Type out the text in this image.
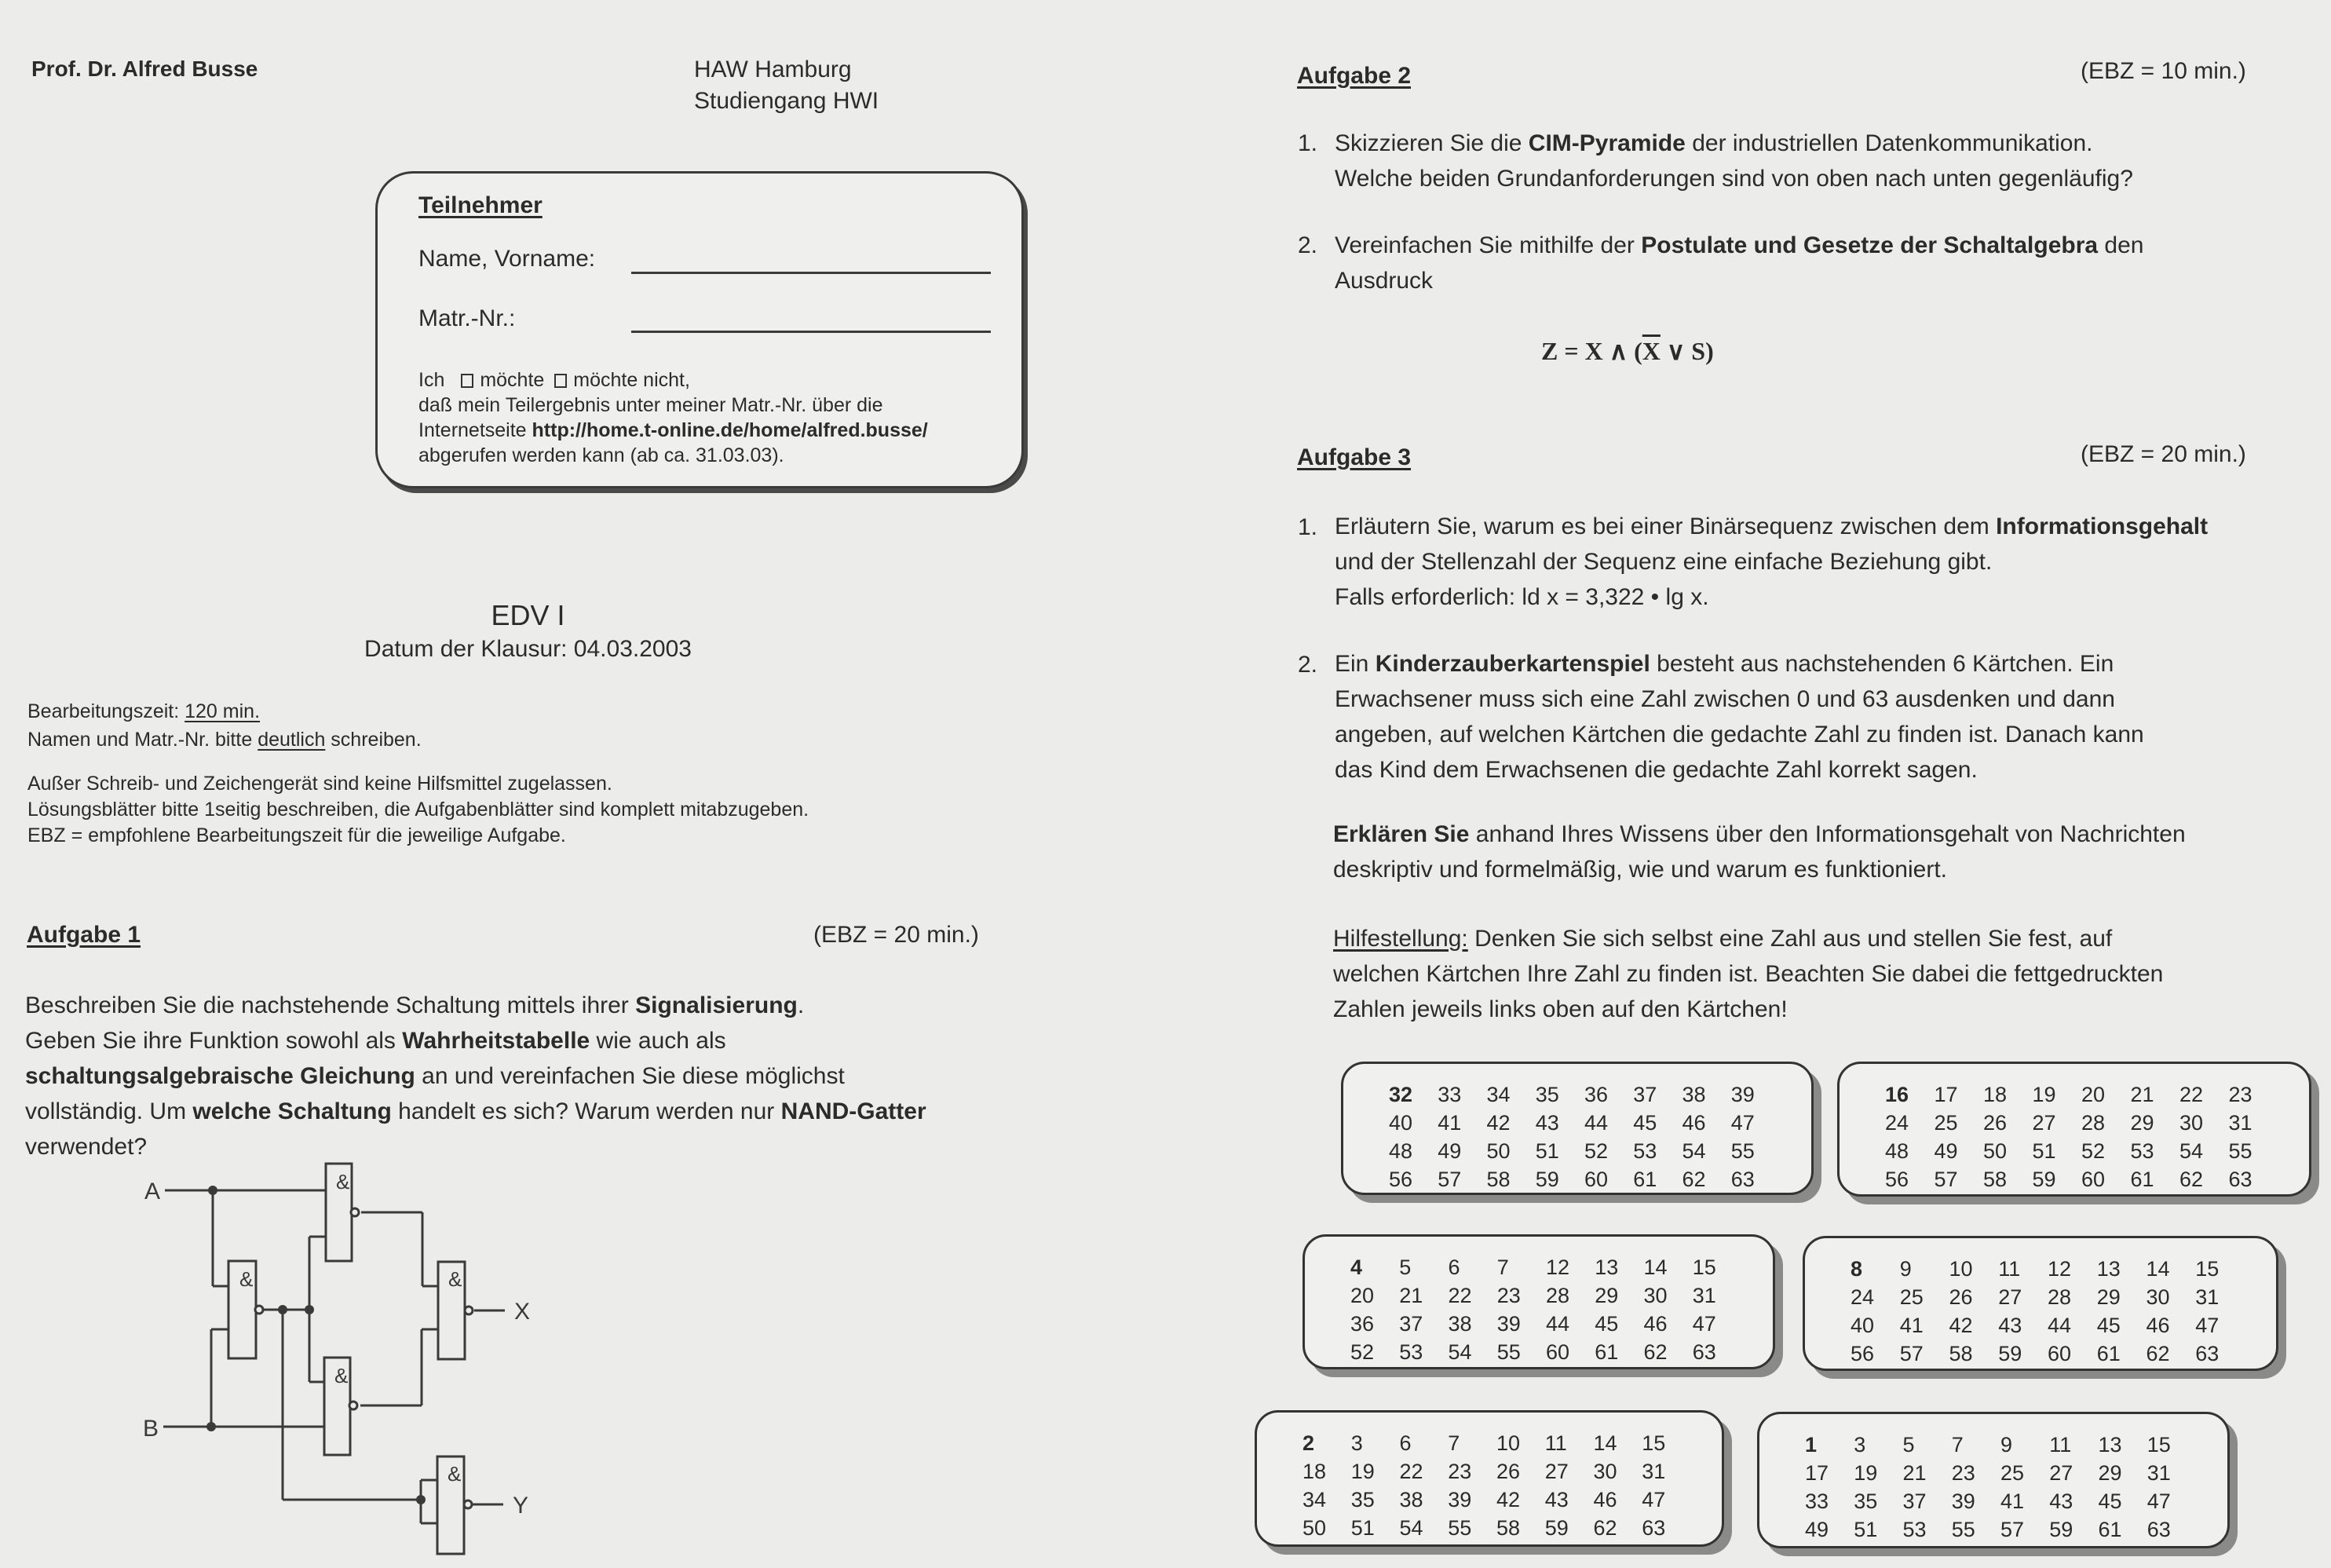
Prof. Dr. Alfred Busse	HAW Hamburg
Studiengang HWI
Teilnehmer
Name, Vorname:
Matr.-Nr.:
Ich möchte möchte nicht,
daß mein Teilergebnis unter meiner Matr.-Nr. über die
Internetseite http://home.t-online.de/home/alfred.busse/
abgerufen werden kann (ab ca. 31.03.03).
EDV I
Datum der Klausur: 04.03.2003
Bearbeitungszeit: 120 min.
Namen und Matr.-Nr. bitte deutlich schreiben.
Außer Schreib- und Zeichengerät sind keine Hilfsmittel zugelassen.
Lösungsblätter bitte 1seitig beschreiben, die Aufgabenblätter sind komplett mitabzugeben.
EBZ = empfohlene Bearbeitungszeit für die jeweilige Aufgabe.
Aufgabe 1	(EBZ = 20 min.)
Beschreiben Sie die nachstehende Schaltung mittels ihrer Signalisierung.
Geben Sie ihre Funktion sowohl als Wahrheitstabelle wie auch als
schaltungsalgebraische Gleichung an und vereinfachen Sie diese möglichst
vollständig. Um welche Schaltung handelt es sich? Warum werden nur NAND-Gatter
verwendet?
A
B
X
Y
&
&
&
&
&
Aufgabe 2	(EBZ = 10 min.)
1. Skizzieren Sie die CIM-Pyramide der industriellen Datenkommunikation.
Welche beiden Grundanforderungen sind von oben nach unten gegenläufig?
2. Vereinfachen Sie mithilfe der Postulate und Gesetze der Schaltalgebra den
Ausdruck
Z = X ∧ ($\overline{X}$ ∨ S)
Aufgabe 3	(EBZ = 20 min.)
1. Erläutern Sie, warum es bei einer Binärsequenz zwischen dem Informationsgehalt
und der Stellenzahl der Sequenz eine einfache Beziehung gibt.
Falls erforderlich: ld x = 3,322 • lg x.
2. Ein Kinderzauberkartenspiel besteht aus nachstehenden 6 Kärtchen. Ein
Erwachsener muss sich eine Zahl zwischen 0 und 63 ausdenken und dann
angeben, auf welchen Kärtchen die gedachte Zahl zu finden ist. Danach kann
das Kind dem Erwachsenen die gedachte Zahl korrekt sagen.
Erklären Sie anhand Ihres Wissens über den Informationsgehalt von Nachrichten
deskriptiv und formelmäßig, wie und warum es funktioniert.
Hilfestellung: Denken Sie sich selbst eine Zahl aus und stellen Sie fest, auf
welchen Kärtchen Ihre Zahl zu finden ist. Beachten Sie dabei die fettgedruckten
Zahlen jeweils links oben auf den Kärtchen!
32	33	34	35	36	37	38	39
40	41	42	43	44	45	46	47
48	49	50	51	52	53	54	55
56	57	58	59	60	61	62	63
16	17	18	19	20	21	22	23
24	25	26	27	28	29	30	31
48	49	50	51	52	53	54	55
56	57	58	59	60	61	62	63
4	5	6	7	12	13	14	15
20	21	22	23	28	29	30	31
36	37	38	39	44	45	46	47
52	53	54	55	60	61	62	63
8	9	10	11	12	13	14	15
24	25	26	27	28	29	30	31
40	41	42	43	44	45	46	47
56	57	58	59	60	61	62	63
2	3	6	7	10	11	14	15
18	19	22	23	26	27	30	31
34	35	38	39	42	43	46	47
50	51	54	55	58	59	62	63
1	3	5	7	9	11	13	15
17	19	21	23	25	27	29	31
33	35	37	39	41	43	45	47
49	51	53	55	57	59	61	63
